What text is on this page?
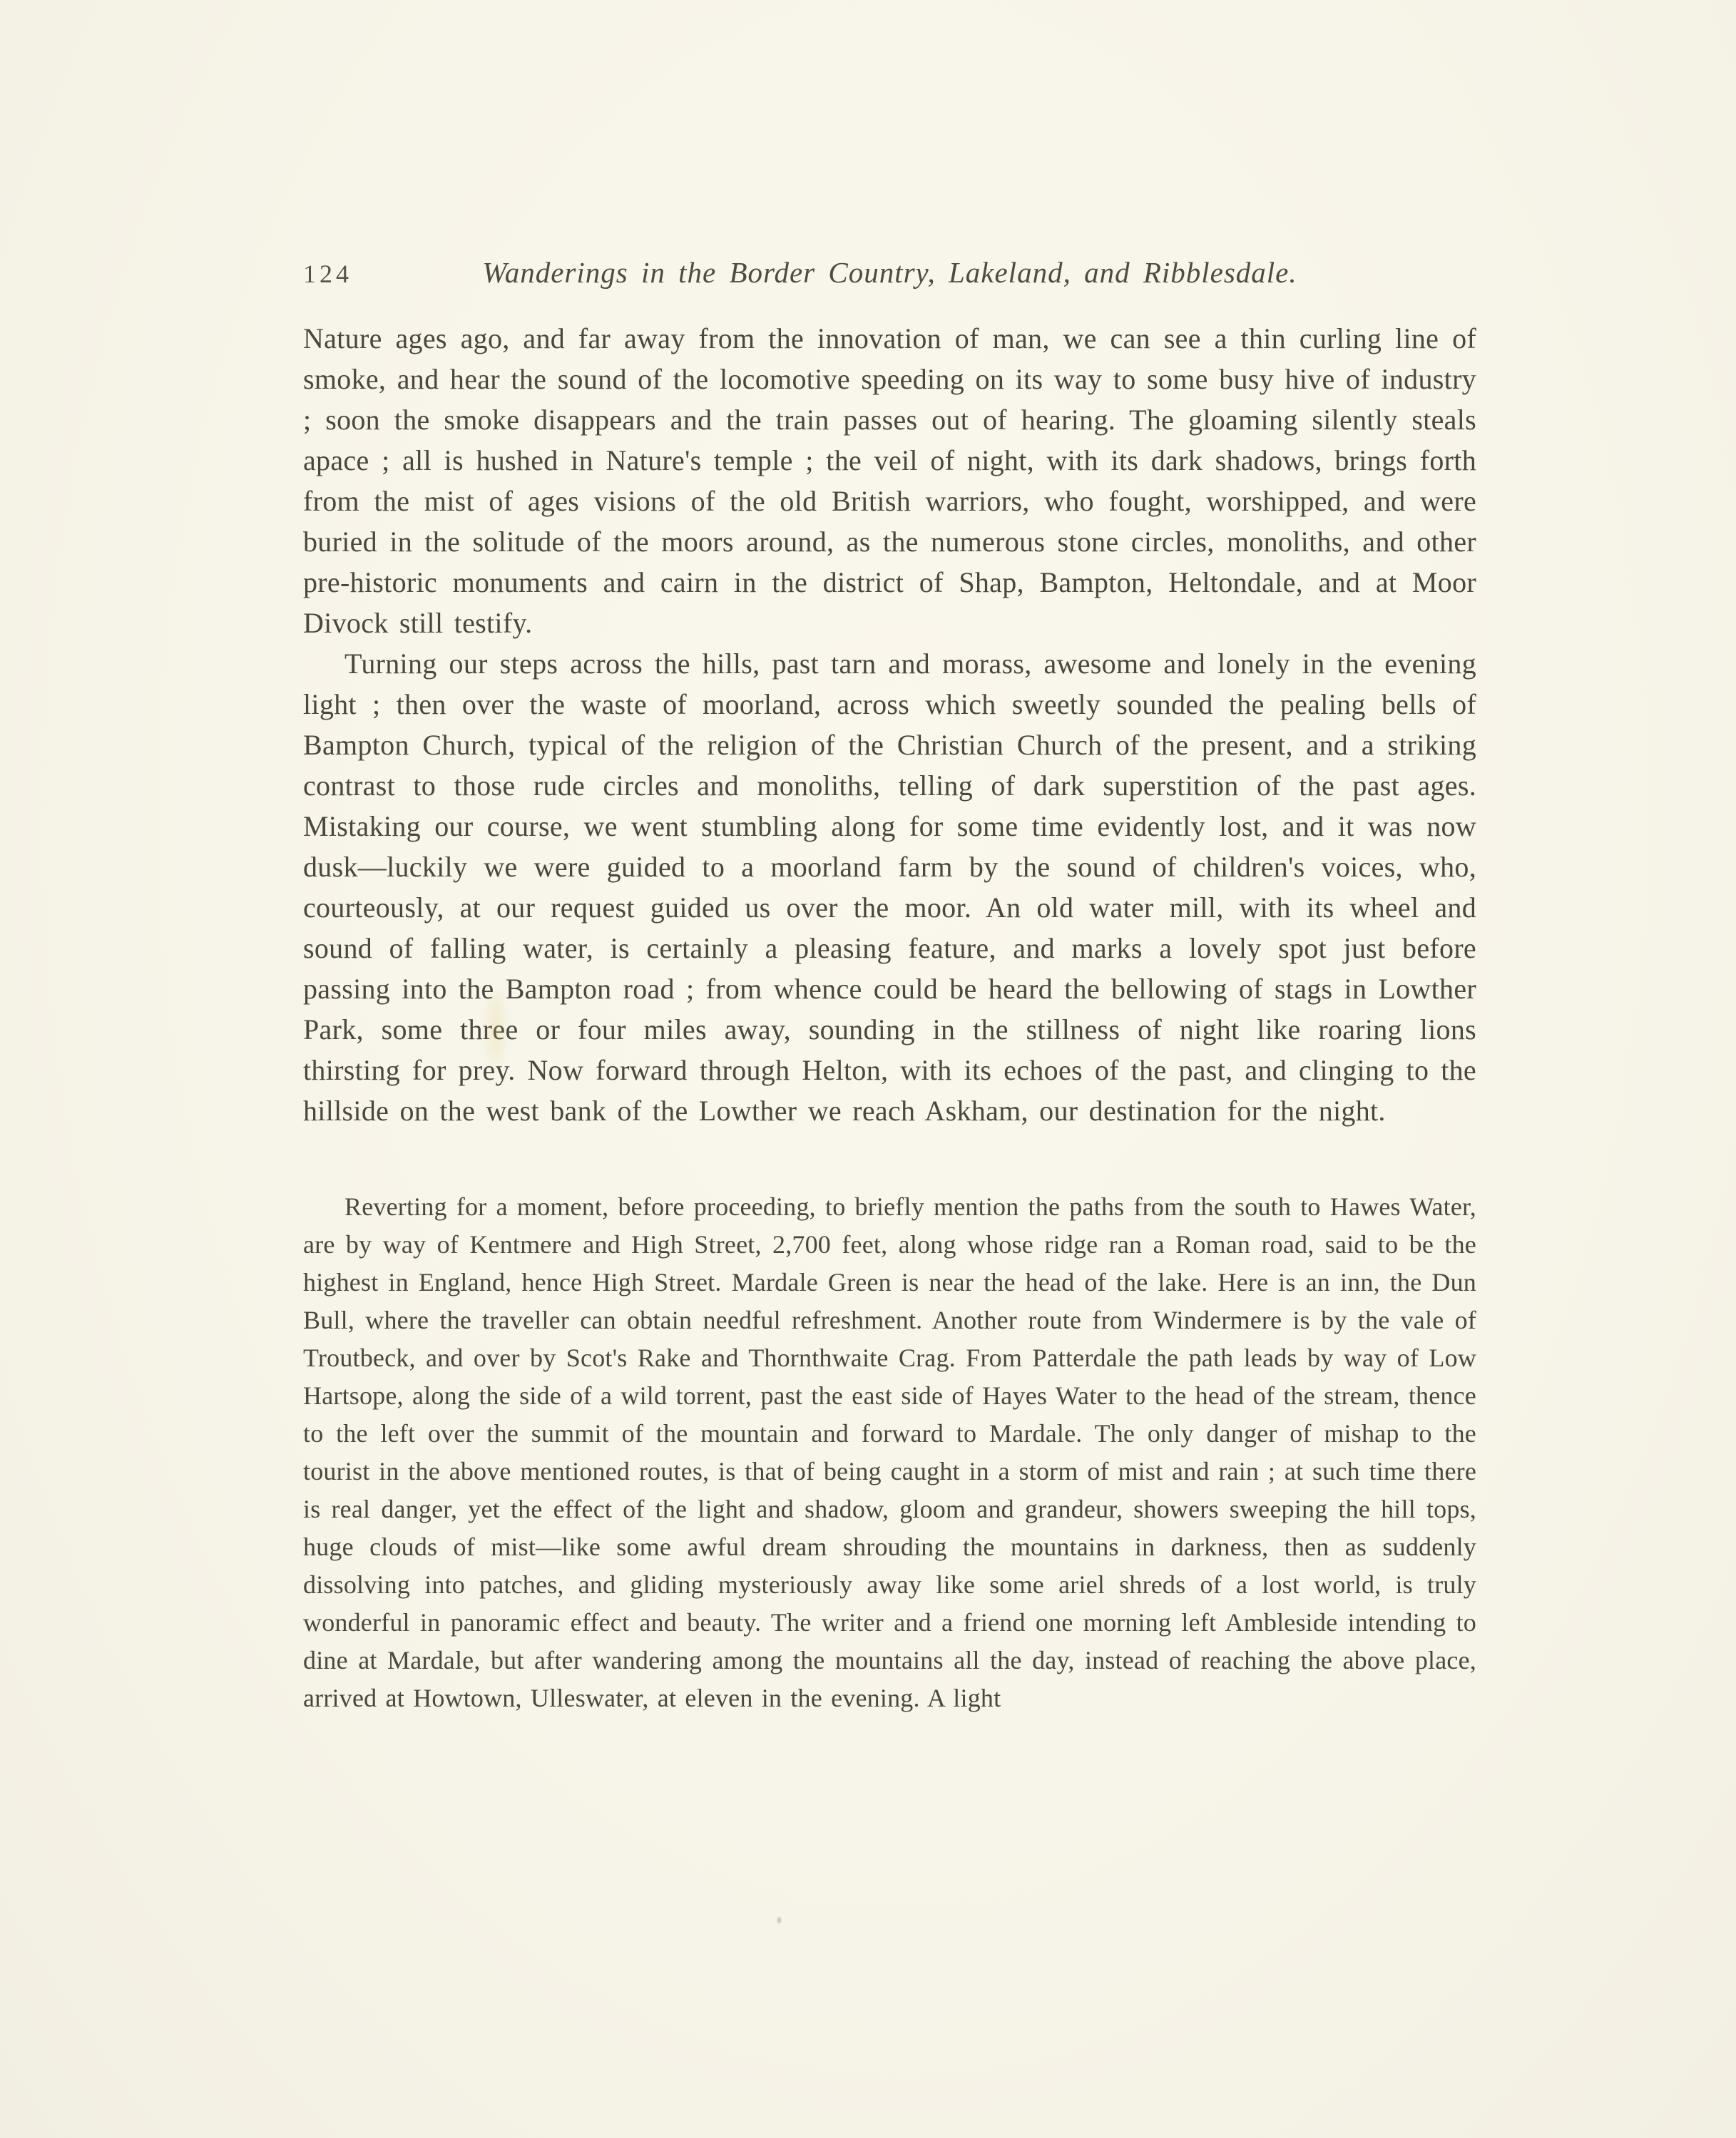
124	Wanderings in the Border Country, Lakeland, and Ribblesdale.

Nature ages ago, and far away from the innovation of man, we can see a thin curling line of smoke, and hear the sound of the locomotive speeding on its way to some busy hive of industry ; soon the smoke disappears and the train passes out of hearing. The gloaming silently steals apace ; all is hushed in Nature's temple ; the veil of night, with its dark shadows, brings forth from the mist of ages visions of the old British warriors, who fought, worshipped, and were buried in the solitude of the moors around, as the numerous stone circles, monoliths, and other pre-historic monuments and cairn in the district of Shap, Bampton, Heltondale, and at Moor Divock still testify.

Turning our steps across the hills, past tarn and morass, awesome and lonely in the evening light ; then over the waste of moorland, across which sweetly sounded the pealing bells of Bampton Church, typical of the religion of the Christian Church of the present, and a striking contrast to those rude circles and monoliths, telling of dark superstition of the past ages. Mistaking our course, we went stumbling along for some time evidently lost, and it was now dusk—luckily we were guided to a moorland farm by the sound of children's voices, who, courteously, at our request guided us over the moor. An old water mill, with its wheel and sound of falling water, is certainly a pleasing feature, and marks a lovely spot just before passing into the Bampton road ; from whence could be heard the bellowing of stags in Lowther Park, some three or four miles away, sounding in the stillness of night like roaring lions thirsting for prey. Now forward through Helton, with its echoes of the past, and clinging to the hillside on the west bank of the Lowther we reach Askham, our destination for the night.

Reverting for a moment, before proceeding, to briefly mention the paths from the south to Hawes Water, are by way of Kentmere and High Street, 2,700 feet, along whose ridge ran a Roman road, said to be the highest in England, hence High Street. Mardale Green is near the head of the lake. Here is an inn, the Dun Bull, where the traveller can obtain needful refreshment. Another route from Windermere is by the vale of Troutbeck, and over by Scot's Rake and Thornthwaite Crag. From Patterdale the path leads by way of Low Hartsope, along the side of a wild torrent, past the east side of Hayes Water to the head of the stream, thence to the left over the summit of the mountain and forward to Mardale. The only danger of mishap to the tourist in the above mentioned routes, is that of being caught in a storm of mist and rain ; at such time there is real danger, yet the effect of the light and shadow, gloom and grandeur, showers sweeping the hill tops, huge clouds of mist—like some awful dream shrouding the mountains in darkness, then as suddenly dissolving into patches, and gliding mysteriously away like some ariel shreds of a lost world, is truly wonderful in panoramic effect and beauty. The writer and a friend one morning left Ambleside intending to dine at Mardale, but after wandering among the mountains all the day, instead of reaching the above place, arrived at Howtown, Ulleswater, at eleven in the evening. A light
